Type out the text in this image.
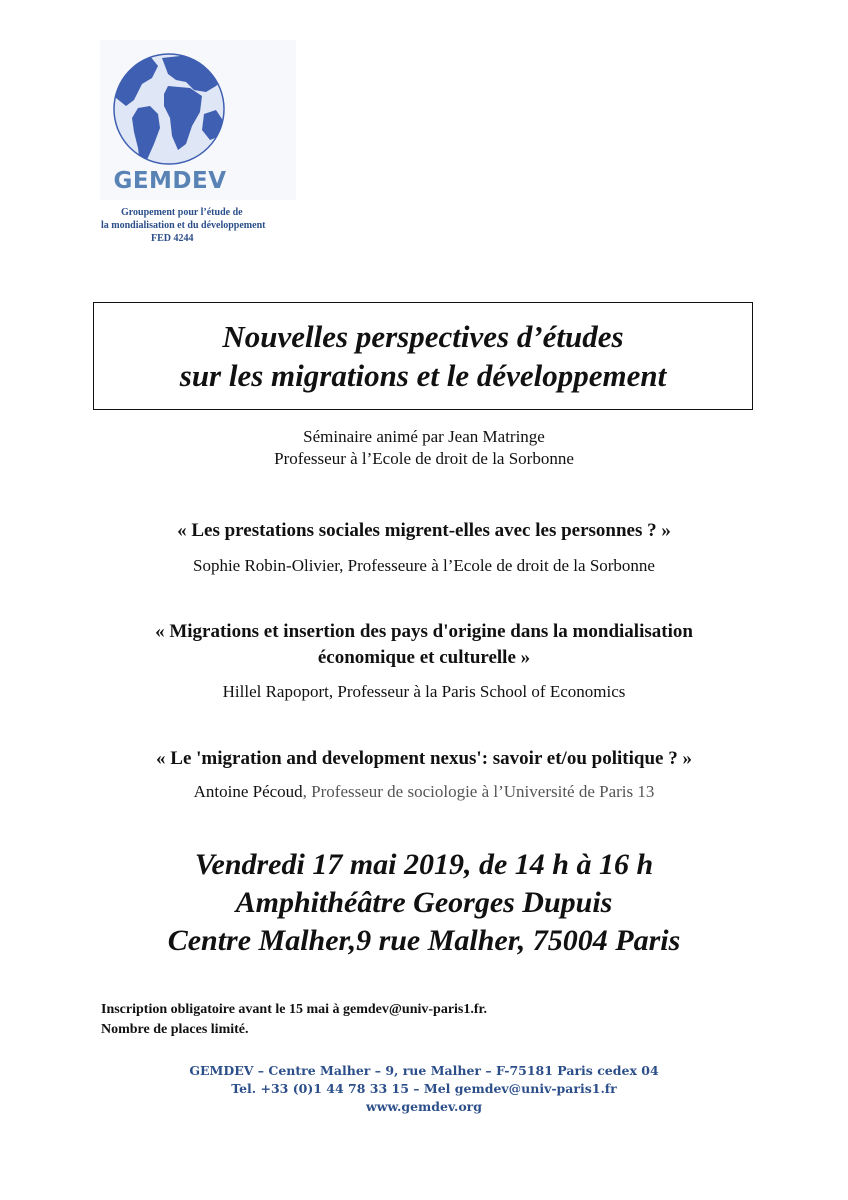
GEMDEV
Groupement pour l’étude de
la mondialisation et du développement
FED 4244
Nouvelles perspectives d’études
sur les migrations et le développement
Séminaire animé par Jean Matringe
Professeur à l’Ecole de droit de la Sorbonne
« Les prestations sociales migrent-elles avec les personnes ? »
Sophie Robin-Olivier, Professeure à l’Ecole de droit de la Sorbonne
« Migrations et insertion des pays d'origine dans la mondialisation
économique et culturelle »
Hillel Rapoport, Professeur à la Paris School of Economics
« Le 'migration and development nexus': savoir et/ou politique ? »
Antoine Pécoud, Professeur de sociologie à l’Université de Paris 13
Vendredi 17 mai 2019, de 14 h à 16 h
Amphithéâtre Georges Dupuis
Centre Malher,9 rue Malher, 75004 Paris
Inscription obligatoire avant le 15 mai à gemdev@univ-paris1.fr.
Nombre de places limité.
GEMDEV – Centre Malher – 9, rue Malher – F-75181 Paris cedex 04
Tel. +33 (0)1 44 78 33 15 – Mel gemdev@univ-paris1.fr
www.gemdev.org
